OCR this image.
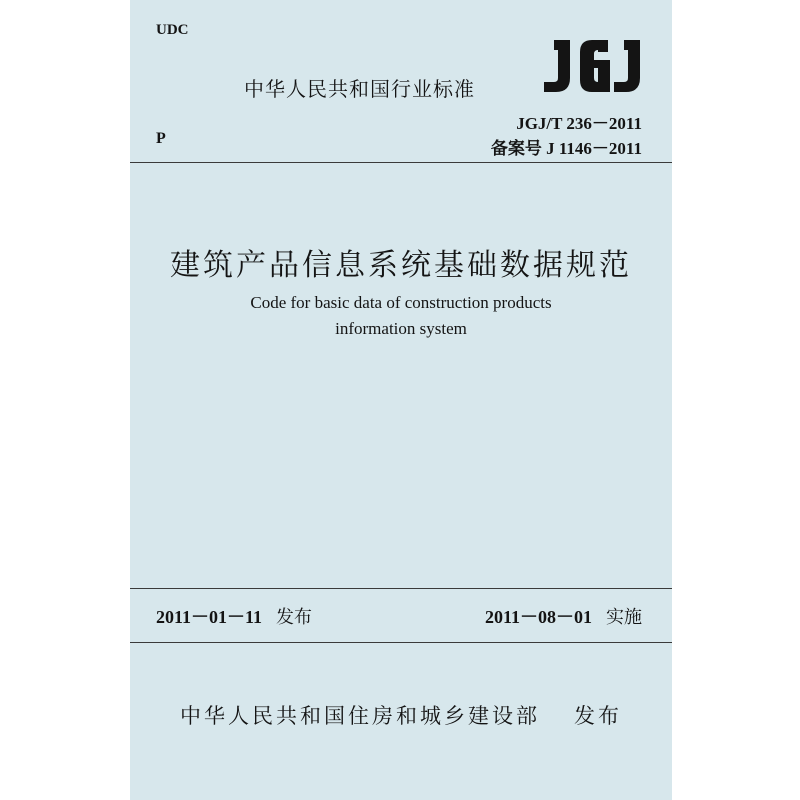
UDC
P
中华人民共和国行业标准
JGJ/T 236－2011
备案号 J 1146－2011
建筑产品信息系统基础数据规范
Code for basic data of construction products
information system
2011－01－11 发布	2011－08－01 实施
中华人民共和国住房和城乡建设部 发布
